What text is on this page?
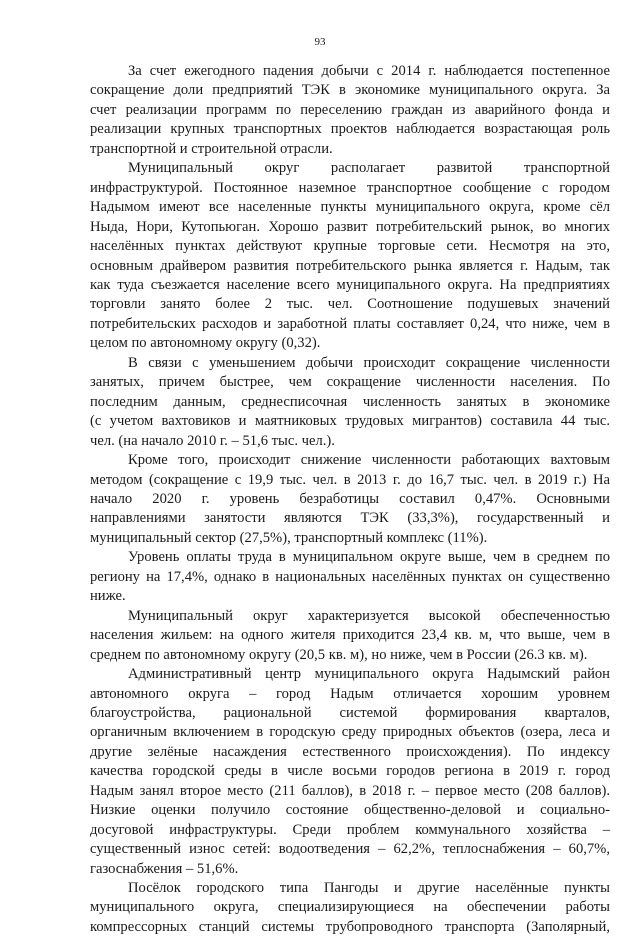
93

За счет ежегодного падения добычи с 2014 г. наблюдается постепенное
сокращение доли предприятий ТЭК в экономике муниципального округа. За
счет реализации программ по переселению граждан из аварийного фонда и
реализации крупных транспортных проектов наблюдается возрастающая роль
транспортной и строительной отрасли.

Муниципальный округ располагает развитой транспортной
инфраструктурой. Постоянное наземное транспортное сообщение с городом
Надымом имеют все населенные пункты муниципального округа, кроме сёл
Ныда, Нори, Кутопьюган. Хорошо развит потребительский рынок, во многих
населённых пунктах действуют крупные торговые сети. Несмотря на это,
основным драйвером развития потребительского рынка является г. Надым, так
как туда съезжается население всего муниципального округа. На предприятиях
торговли занято более 2 тыс. чел. Соотношение подушевых значений
потребительских расходов и заработной платы составляет 0,24, что ниже, чем в
целом по автономному округу (0,32).

В связи с уменьшением добычи происходит сокращение численности
занятых, причем быстрее, чем сокращение численности населения. По
последним данным, среднесписочная численность занятых в экономике
(с учетом вахтовиков и маятниковых трудовых мигрантов) составила 44 тыс.
чел. (на начало 2010 г. – 51,6 тыс. чел.).

Кроме того, происходит снижение численности работающих вахтовым
методом (сокращение с 19,9 тыс. чел. в 2013 г. до 16,7 тыс. чел. в 2019 г.) На
начало 2020 г. уровень безработицы составил 0,47%. Основными
направлениями занятости являются ТЭК (33,3%), государственный и
муниципальный сектор (27,5%), транспортный комплекс (11%).

Уровень оплаты труда в муниципальном округе выше, чем в среднем по
региону на 17,4%, однако в национальных населённых пунктах он существенно
ниже.

Муниципальный округ характеризуется высокой обеспеченностью
населения жильем: на одного жителя приходится 23,4 кв. м, что выше, чем в
среднем по автономному округу (20,5 кв. м), но ниже, чем в России (26.3 кв. м).

Административный центр муниципального округа Надымский район
автономного округа – город Надым отличается хорошим уровнем
благоустройства, рациональной системой формирования кварталов,
органичным включением в городскую среду природных объектов (озера, леса и
другие зелёные насаждения естественного происхождения). По индексу
качества городской среды в числе восьми городов региона в 2019 г. город
Надым занял второе место (211 баллов), в 2018 г. – первое место (208 баллов).
Низкие оценки получило состояние общественно-деловой и социально-
досуговой инфраструктуры. Среди проблем коммунального хозяйства –
существенный износ сетей: водоотведения – 62,2%, теплоснабжения – 60,7%,
газоснабжения – 51,6%.

Посёлок городского типа Пангоды и другие населённые пункты
муниципального округа, специализирующиеся на обеспечении работы
компрессорных станций системы трубопроводного транспорта (Заполярный,
